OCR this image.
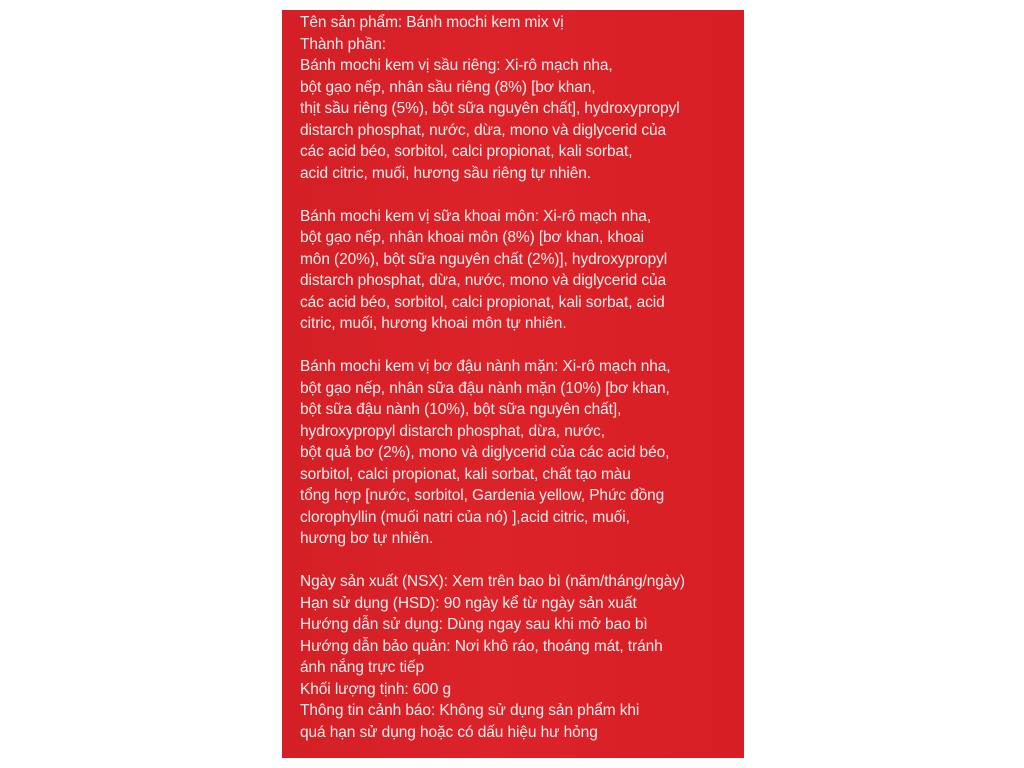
Tên sản phẩm: Bánh mochi kem mix vị
Thành phần:
Bánh mochi kem vị sầu riêng: Xi-rô mạch nha,
bột gạo nếp, nhân sầu riêng (8%) [bơ khan,
thịt sầu riêng (5%), bột sữa nguyên chất], hydroxypropyl
distarch phosphat, nước, dừa, mono và diglycerid của
các acid béo, sorbitol, calci propionat, kali sorbat,
acid citric, muối, hương sầu riêng tự nhiên.
Bánh mochi kem vị sữa khoai môn: Xi-rô mạch nha,
bột gạo nếp, nhân khoai môn (8%) [bơ khan, khoai
môn (20%), bột sữa nguyên chất (2%)], hydroxypropyl
distarch phosphat, dừa, nước, mono và diglycerid của
các acid béo, sorbitol, calci propionat, kali sorbat, acid
citric, muối, hương khoai môn tự nhiên.
Bánh mochi kem vị bơ đậu nành mặn: Xi-rô mạch nha,
bột gạo nếp, nhân sữa đậu nành mặn (10%) [bơ khan,
bột sữa đậu nành (10%), bột sữa nguyên chất],
hydroxypropyl distarch phosphat, dừa, nước,
bột quả bơ (2%), mono và diglycerid của các acid béo,
sorbitol, calci propionat, kali sorbat, chất tạo màu
tổng hợp [nước, sorbitol, Gardenia yellow, Phức đồng
clorophyllin (muối natri của nó) ],acid citric, muối,
hương bơ tự nhiên.
Ngày sản xuất (NSX): Xem trên bao bì (năm/tháng/ngày)
Hạn sử dụng (HSD): 90 ngày kể từ ngày sản xuất
Hướng dẫn sử dụng: Dùng ngay sau khi mở bao bì
Hướng dẫn bảo quản: Nơi khô ráo, thoáng mát, tránh
ánh nắng trực tiếp
Khối lượng tịnh: 600 g
Thông tin cảnh báo: Không sử dụng sản phẩm khi
quá hạn sử dụng hoặc có dấu hiệu hư hỏng
